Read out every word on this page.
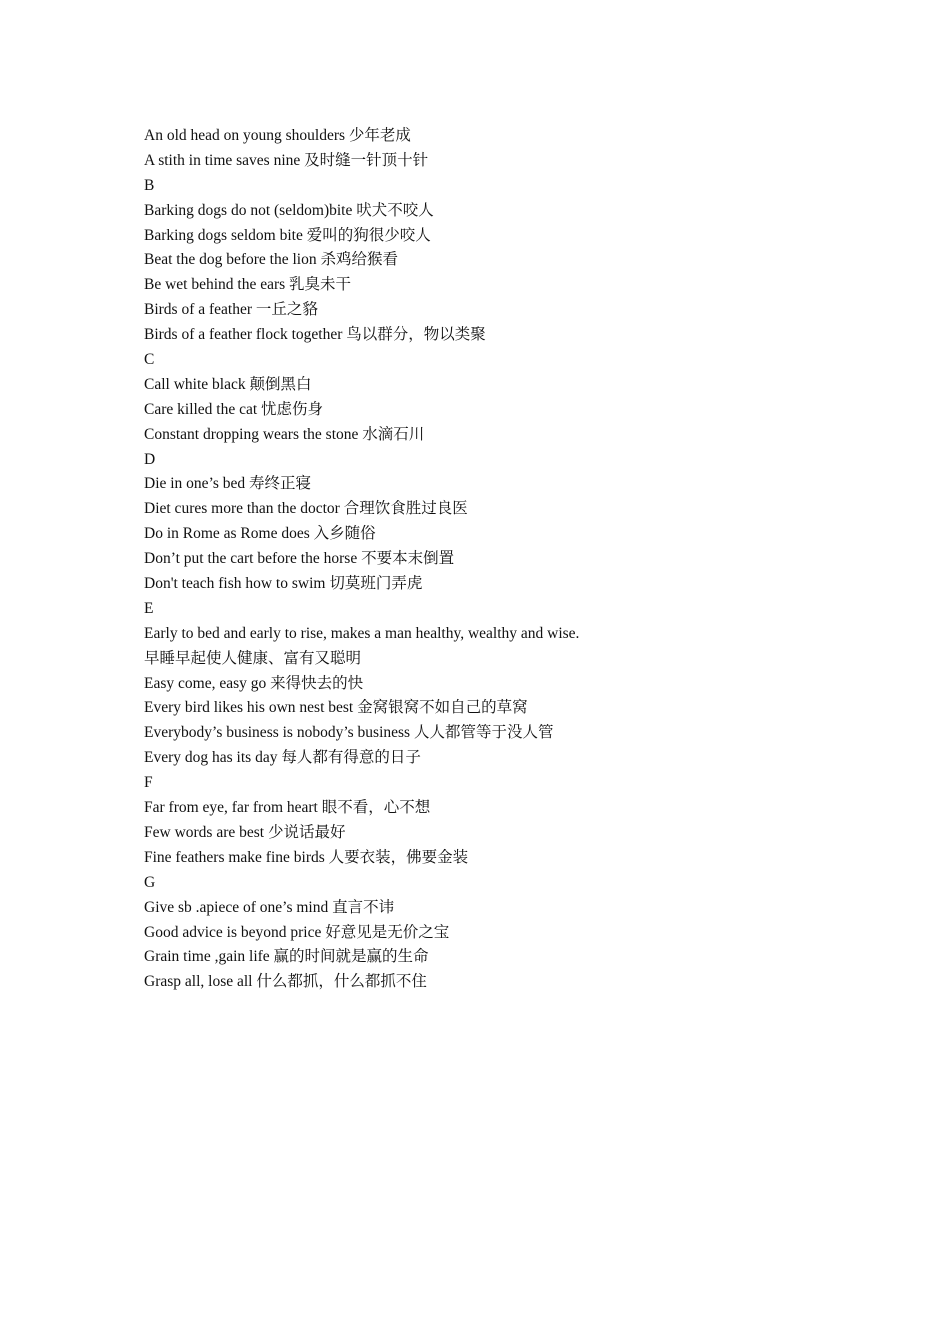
An old head on young shoulders 少年老成
A stith in time saves nine 及时缝一针顶十针
B
Barking dogs do not (seldom)bite 吠犬不咬人
Barking dogs seldom bite 爱叫的狗很少咬人
Beat the dog before the lion 杀鸡给猴看
Be wet behind the ears 乳臭未干
Birds of a feather 一丘之貉
Birds of a feather flock together 鸟以群分，物以类聚
C
Call white black 颠倒黑白
Care killed the cat 忧虑伤身
Constant dropping wears the stone 水滴石川
D
Die in one’s bed 寿终正寝
Diet cures more than the doctor 合理饮食胜过良医
Do in Rome as Rome does 入乡随俗
Don’t put the cart before the horse 不要本末倒置
Don't teach fish how to swim 切莫班门弄虎
E
Early to bed and early to rise, makes a man healthy, wealthy and wise.
早睡早起使人健康、富有又聪明
Easy come, easy go 来得快去的快
Every bird likes his own nest best 金窝银窝不如自己的草窝
Everybody’s business is nobody’s business 人人都管等于没人管
Every dog has its day 每人都有得意的日子
F
Far from eye, far from heart 眼不看，心不想
Few words are best 少说话最好
Fine feathers make fine birds 人要衣装，佛要金装
G
Give sb .apiece of one’s mind 直言不讳
Good advice is beyond price 好意见是无价之宝
Grain time ,gain life 赢的时间就是赢的生命
Grasp all, lose all 什么都抓，什么都抓不住
